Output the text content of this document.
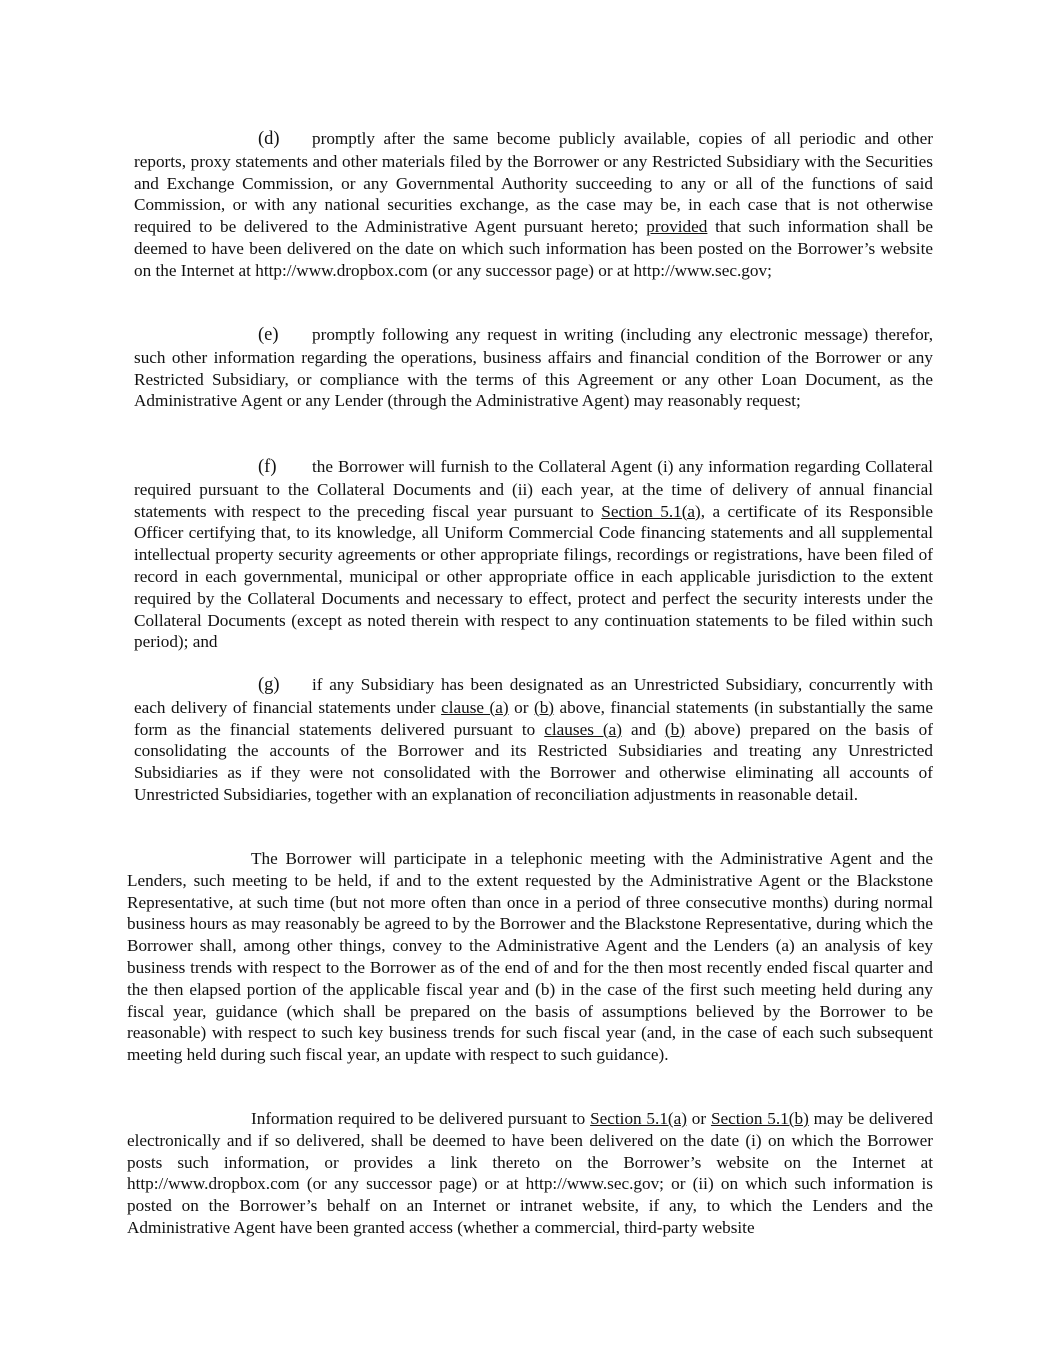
(d) promptly after the same become publicly available, copies of all periodic and other reports, proxy statements and other materials filed by the Borrower or any Restricted Subsidiary with the Securities and Exchange Commission, or any Governmental Authority succeeding to any or all of the functions of said Commission, or with any national securities exchange, as the case may be, in each case that is not otherwise required to be delivered to the Administrative Agent pursuant hereto; provided that such information shall be deemed to have been delivered on the date on which such information has been posted on the Borrower’s website on the Internet at http://www.dropbox.com (or any successor page) or at http://www.sec.gov;

(e) promptly following any request in writing (including any electronic message) therefor, such other information regarding the operations, business affairs and financial condition of the Borrower or any Restricted Subsidiary, or compliance with the terms of this Agreement or any other Loan Document, as the Administrative Agent or any Lender (through the Administrative Agent) may reasonably request;

(f) the Borrower will furnish to the Collateral Agent (i) any information regarding Collateral required pursuant to the Collateral Documents and (ii) each year, at the time of delivery of annual financial statements with respect to the preceding fiscal year pursuant to Section 5.1(a), a certificate of its Responsible Officer certifying that, to its knowledge, all Uniform Commercial Code financing statements and all supplemental intellectual property security agreements or other appropriate filings, recordings or registrations, have been filed of record in each governmental, municipal or other appropriate office in each applicable jurisdiction to the extent required by the Collateral Documents and necessary to effect, protect and perfect the security interests under the Collateral Documents (except as noted therein with respect to any continuation statements to be filed within such period); and

(g) if any Subsidiary has been designated as an Unrestricted Subsidiary, concurrently with each delivery of financial statements under clause (a) or (b) above, financial statements (in substantially the same form as the financial statements delivered pursuant to clauses (a) and (b) above) prepared on the basis of consolidating the accounts of the Borrower and its Restricted Subsidiaries and treating any Unrestricted Subsidiaries as if they were not consolidated with the Borrower and otherwise eliminating all accounts of Unrestricted Subsidiaries, together with an explanation of reconciliation adjustments in reasonable detail.

The Borrower will participate in a telephonic meeting with the Administrative Agent and the Lenders, such meeting to be held, if and to the extent requested by the Administrative Agent or the Blackstone Representative, at such time (but not more often than once in a period of three consecutive months) during normal business hours as may reasonably be agreed to by the Borrower and the Blackstone Representative, during which the Borrower shall, among other things, convey to the Administrative Agent and the Lenders (a) an analysis of key business trends with respect to the Borrower as of the end of and for the then most recently ended fiscal quarter and the then elapsed portion of the applicable fiscal year and (b) in the case of the first such meeting held during any fiscal year, guidance (which shall be prepared on the basis of assumptions believed by the Borrower to be reasonable) with respect to such key business trends for such fiscal year (and, in the case of each such subsequent meeting held during such fiscal year, an update with respect to such guidance).

Information required to be delivered pursuant to Section 5.1(a) or Section 5.1(b) may be delivered electronically and if so delivered, shall be deemed to have been delivered on the date (i) on which the Borrower posts such information, or provides a link thereto on the Borrower’s website on the Internet at http://www.dropbox.com (or any successor page) or at http://www.sec.gov; or (ii) on which such information is posted on the Borrower’s behalf on an Internet or intranet website, if any, to which the Lenders and the Administrative Agent have been granted access (whether a commercial, third-party website
